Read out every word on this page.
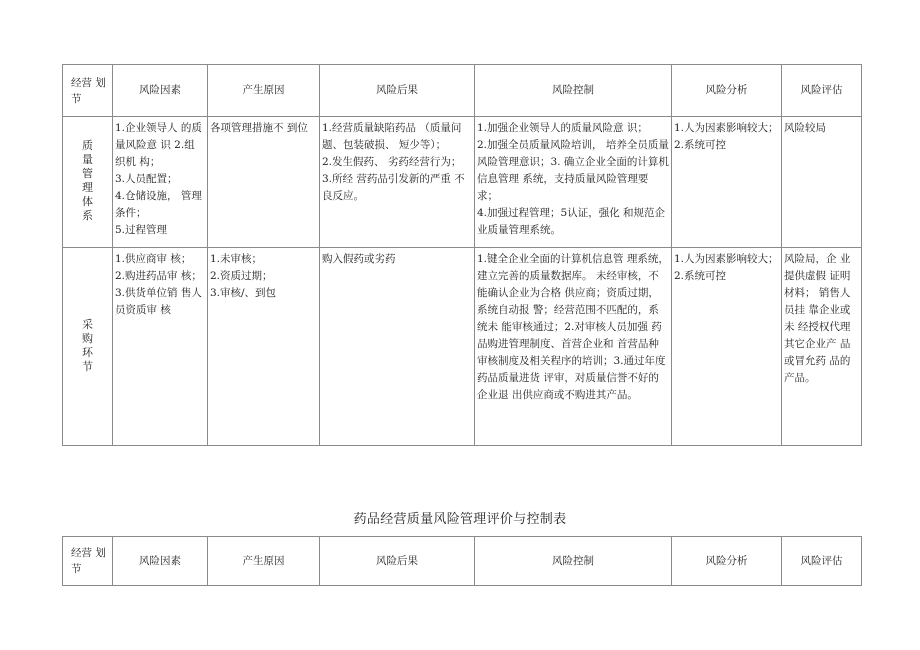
经营 划
节	风险因素	产生原因	风险后果	风险控制	风险分析	风险评估
质量管理体系	1.企业领导人 的质量风险意 识 2.组织机 构；
3.人员配置；
4.仓储设施， 管理条件；
5.过程管理	各项管理措施不 到位	1.经营质量缺陷药品 （质量问题、包装破损、 短少等）；
2.发生假药、 劣药经营行为；
3.所经 营药品引发新的严重 不 良反应。	1.加强企业领导人的质量风险意 识；
2.加强全员质量风险培训， 培养全员质量风险管理意识；3. 确立企业全面的计算机信息管理 系统，支持质量风险管理要求；
4.加强过程管理；5认证，强化 和规范企业质量管理系统。	1.人为因素影响较大；
2.系统可控	风险较局

采购环节	1.供应商审 核；
2.购进药品审 核；
3.供货单位销 售人员资质审 核	1.未审核；
2.资质过期；
3.审核/、到包	购入假药或劣药	1.键全企业全面的计算机信息管 理系统，建立完善的质量数据库。 未经审核，不能确认企业为合格 供应商；资质过期，系统自动报 警；经营范围不匹配的，系统未 能审核通过；2.对审核人员加强 药品购进管理制度、首营企业和 首营品种审核制度及相关程序的培训；3.通过年度药品质量进货 评审，对质量信誉不好的企业退 出供应商或不购进其产品。	1.人为因素影响较大；
2.系统可控	风险局，企 业提供虚假 证明材料； 销售人员挂 靠企业或未 经授权代理其它企业产 品或冒允药 品的产品。
药品经营质量风险管理评价与控制表
经营 划
节
	风险因素	产生原因	风险后果	风险控制	风险分析	风险评估
